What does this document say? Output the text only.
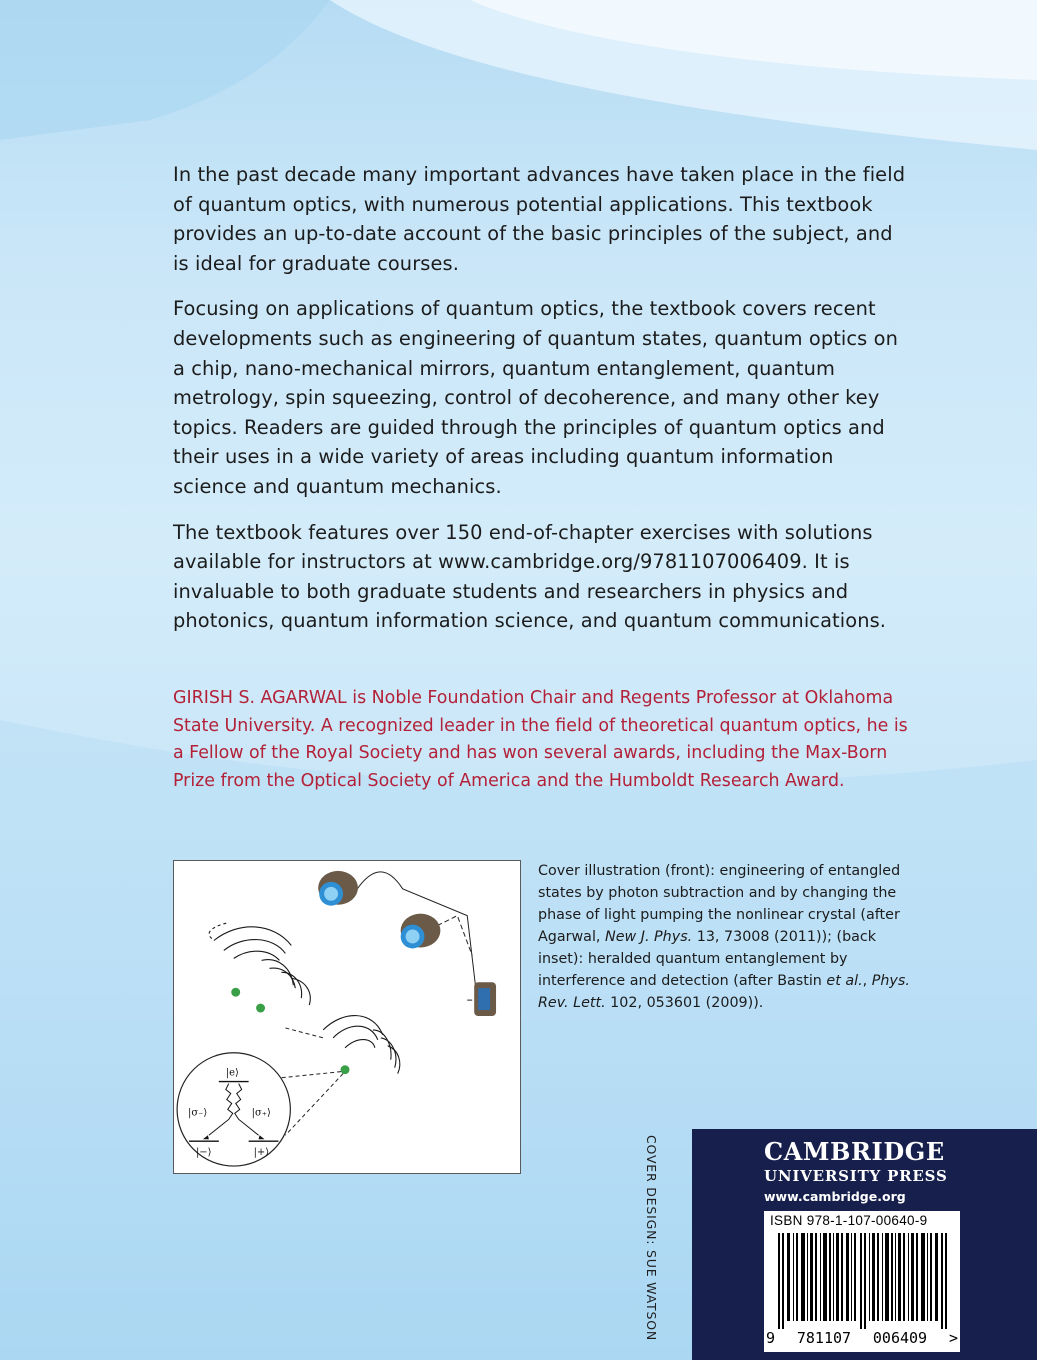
In the past decade many important advances have taken place in the field of quantum optics, with numerous potential applications. This textbook provides an up-to-date account of the basic principles of the subject, and is ideal for graduate courses.

Focusing on applications of quantum optics, the textbook covers recent developments such as engineering of quantum states, quantum optics on a chip, nano-mechanical mirrors, quantum entanglement, quantum metrology, spin squeezing, control of decoherence, and many other key topics. Readers are guided through the principles of quantum optics and their uses in a wide variety of areas including quantum information science and quantum mechanics.

The textbook features over 150 end-of-chapter exercises with solutions available for instructors at www.cambridge.org/9781107006409. It is invaluable to both graduate students and researchers in physics and photonics, quantum information science, and quantum communications.

GIRISH S. AGARWAL is Noble Foundation Chair and Regents Professor at Oklahoma State University. A recognized leader in the field of theoretical quantum optics, he is a Fellow of the Royal Society and has won several awards, including the Max-Born Prize from the Optical Society of America and the Humboldt Research Award.
|e⟩
|σ₋⟩	|σ₊⟩
|−⟩	|+⟩
Cover illustration (front): engineering of entangled states by photon subtraction and by changing the phase of light pumping the nonlinear crystal (after Agarwal, New J. Phys. 13, 73008 (2011)); (back inset): heralded quantum entanglement by interference and detection (after Bastin et al., Phys. Rev. Lett. 102, 053601 (2009)).
COVER DESIGN: SUE WATSON	CAMBRIDGE
UNIVERSITY PRESS
www.cambridge.org
ISBN 978-1-107-00640-9
9 781107 006409 >
